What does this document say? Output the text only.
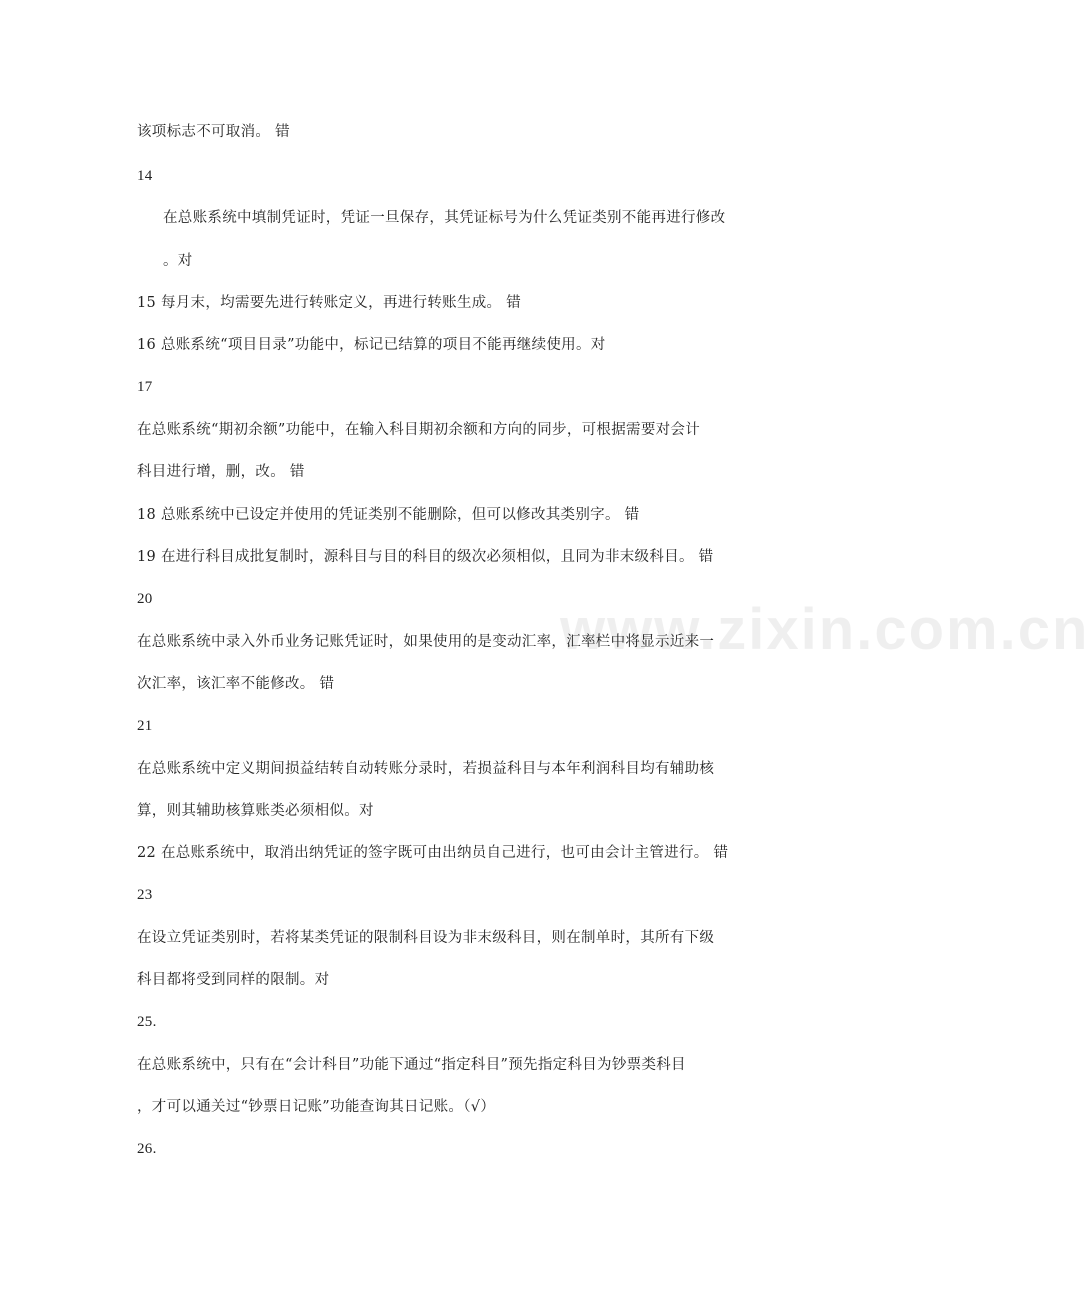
www.zixin.com.cn
该项标志不可取消。 错
14
在总账系统中填制凭证时，凭证一旦保存，其凭证标号为什么凭证类别不能再进行修改
。对
15 每月末，均需要先进行转账定义，再进行转账生成。 错
16 总账系统“项目目录”功能中，标记已结算的项目不能再继续使用。对
17
在总账系统“期初余额”功能中，在输入科目期初余额和方向的同步，可根据需要对会计
科目进行增，删，改。 错
18 总账系统中已设定并使用的凭证类别不能删除，但可以修改其类别字。 错
19 在进行科目成批复制时，源科目与目的科目的级次必须相似，且同为非末级科目。 错
20
在总账系统中录入外币业务记账凭证时，如果使用的是变动汇率，汇率栏中将显示近来一
次汇率，该汇率不能修改。 错
21
在总账系统中定义期间损益结转自动转账分录时，若损益科目与本年利润科目均有辅助核
算，则其辅助核算账类必须相似。对
22 在总账系统中，取消出纳凭证的签字既可由出纳员自己进行，也可由会计主管进行。 错
23
在设立凭证类别时，若将某类凭证的限制科目设为非末级科目，则在制单时，其所有下级
科目都将受到同样的限制。对
25.
在总账系统中，只有在“会计科目”功能下通过“指定科目”预先指定科目为钞票类科目
，才可以通关过“钞票日记账”功能查询其日记账。（√）
26.
